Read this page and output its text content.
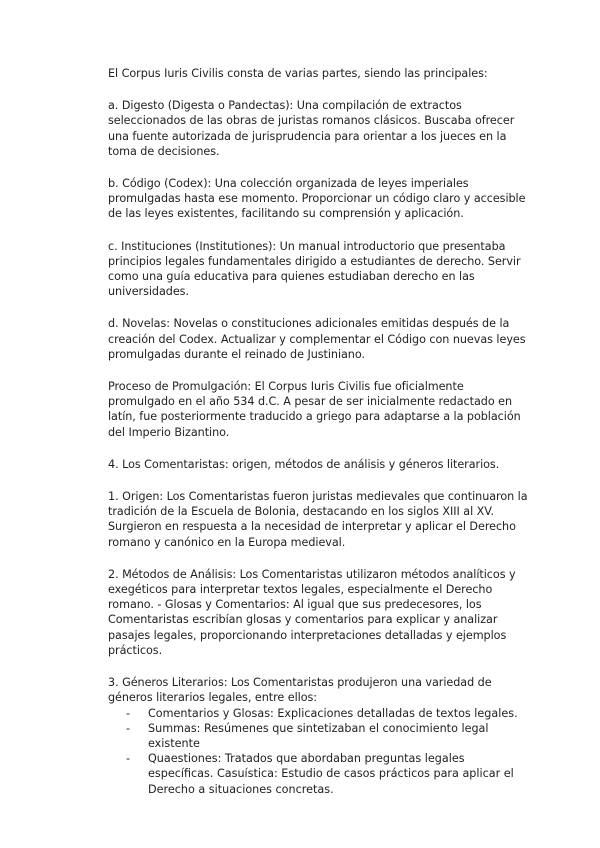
El Corpus Iuris Civilis consta de varias partes, siendo las principales:

a. Digesto (Digesta o Pandectas): Una compilación de extractos seleccionados de las obras de juristas romanos clásicos. Buscaba ofrecer una fuente autorizada de jurisprudencia para orientar a los jueces en la toma de decisiones.

b. Código (Codex): Una colección organizada de leyes imperiales promulgadas hasta ese momento. Proporcionar un código claro y accesible de las leyes existentes, facilitando su comprensión y aplicación.

c. Instituciones (Institutiones): Un manual introductorio que presentaba principios legales fundamentales dirigido a estudiantes de derecho. Servir como una guía educativa para quienes estudiaban derecho en las universidades.

d. Novelas: Novelas o constituciones adicionales emitidas después de la creación del Codex. Actualizar y complementar el Código con nuevas leyes promulgadas durante el reinado de Justiniano.

Proceso de Promulgación: El Corpus Iuris Civilis fue oficialmente promulgado en el año 534 d.C. A pesar de ser inicialmente redactado en latín, fue posteriormente traducido a griego para adaptarse a la población del Imperio Bizantino.

4. Los Comentaristas: origen, métodos de análisis y géneros literarios.

1. Origen: Los Comentaristas fueron juristas medievales que continuaron la tradición de la Escuela de Bolonia, destacando en los siglos XIII al XV. Surgieron en respuesta a la necesidad de interpretar y aplicar el Derecho romano y canónico en la Europa medieval.

2. Métodos de Análisis: Los Comentaristas utilizaron métodos analíticos y exegéticos para interpretar textos legales, especialmente el Derecho romano. - Glosas y Comentarios: Al igual que sus predecesores, los Comentaristas escribían glosas y comentarios para explicar y analizar pasajes legales, proporcionando interpretaciones detalladas y ejemplos prácticos.

3. Géneros Literarios: Los Comentaristas produjeron una variedad de géneros literarios legales, entre ellos:

- Comentarios y Glosas: Explicaciones detalladas de textos legales.
- Summas: Resúmenes que sintetizaban el conocimiento legal existente
- Quaestiones: Tratados que abordaban preguntas legales específicas. Casuística: Estudio de casos prácticos para aplicar el Derecho a situaciones concretas.
